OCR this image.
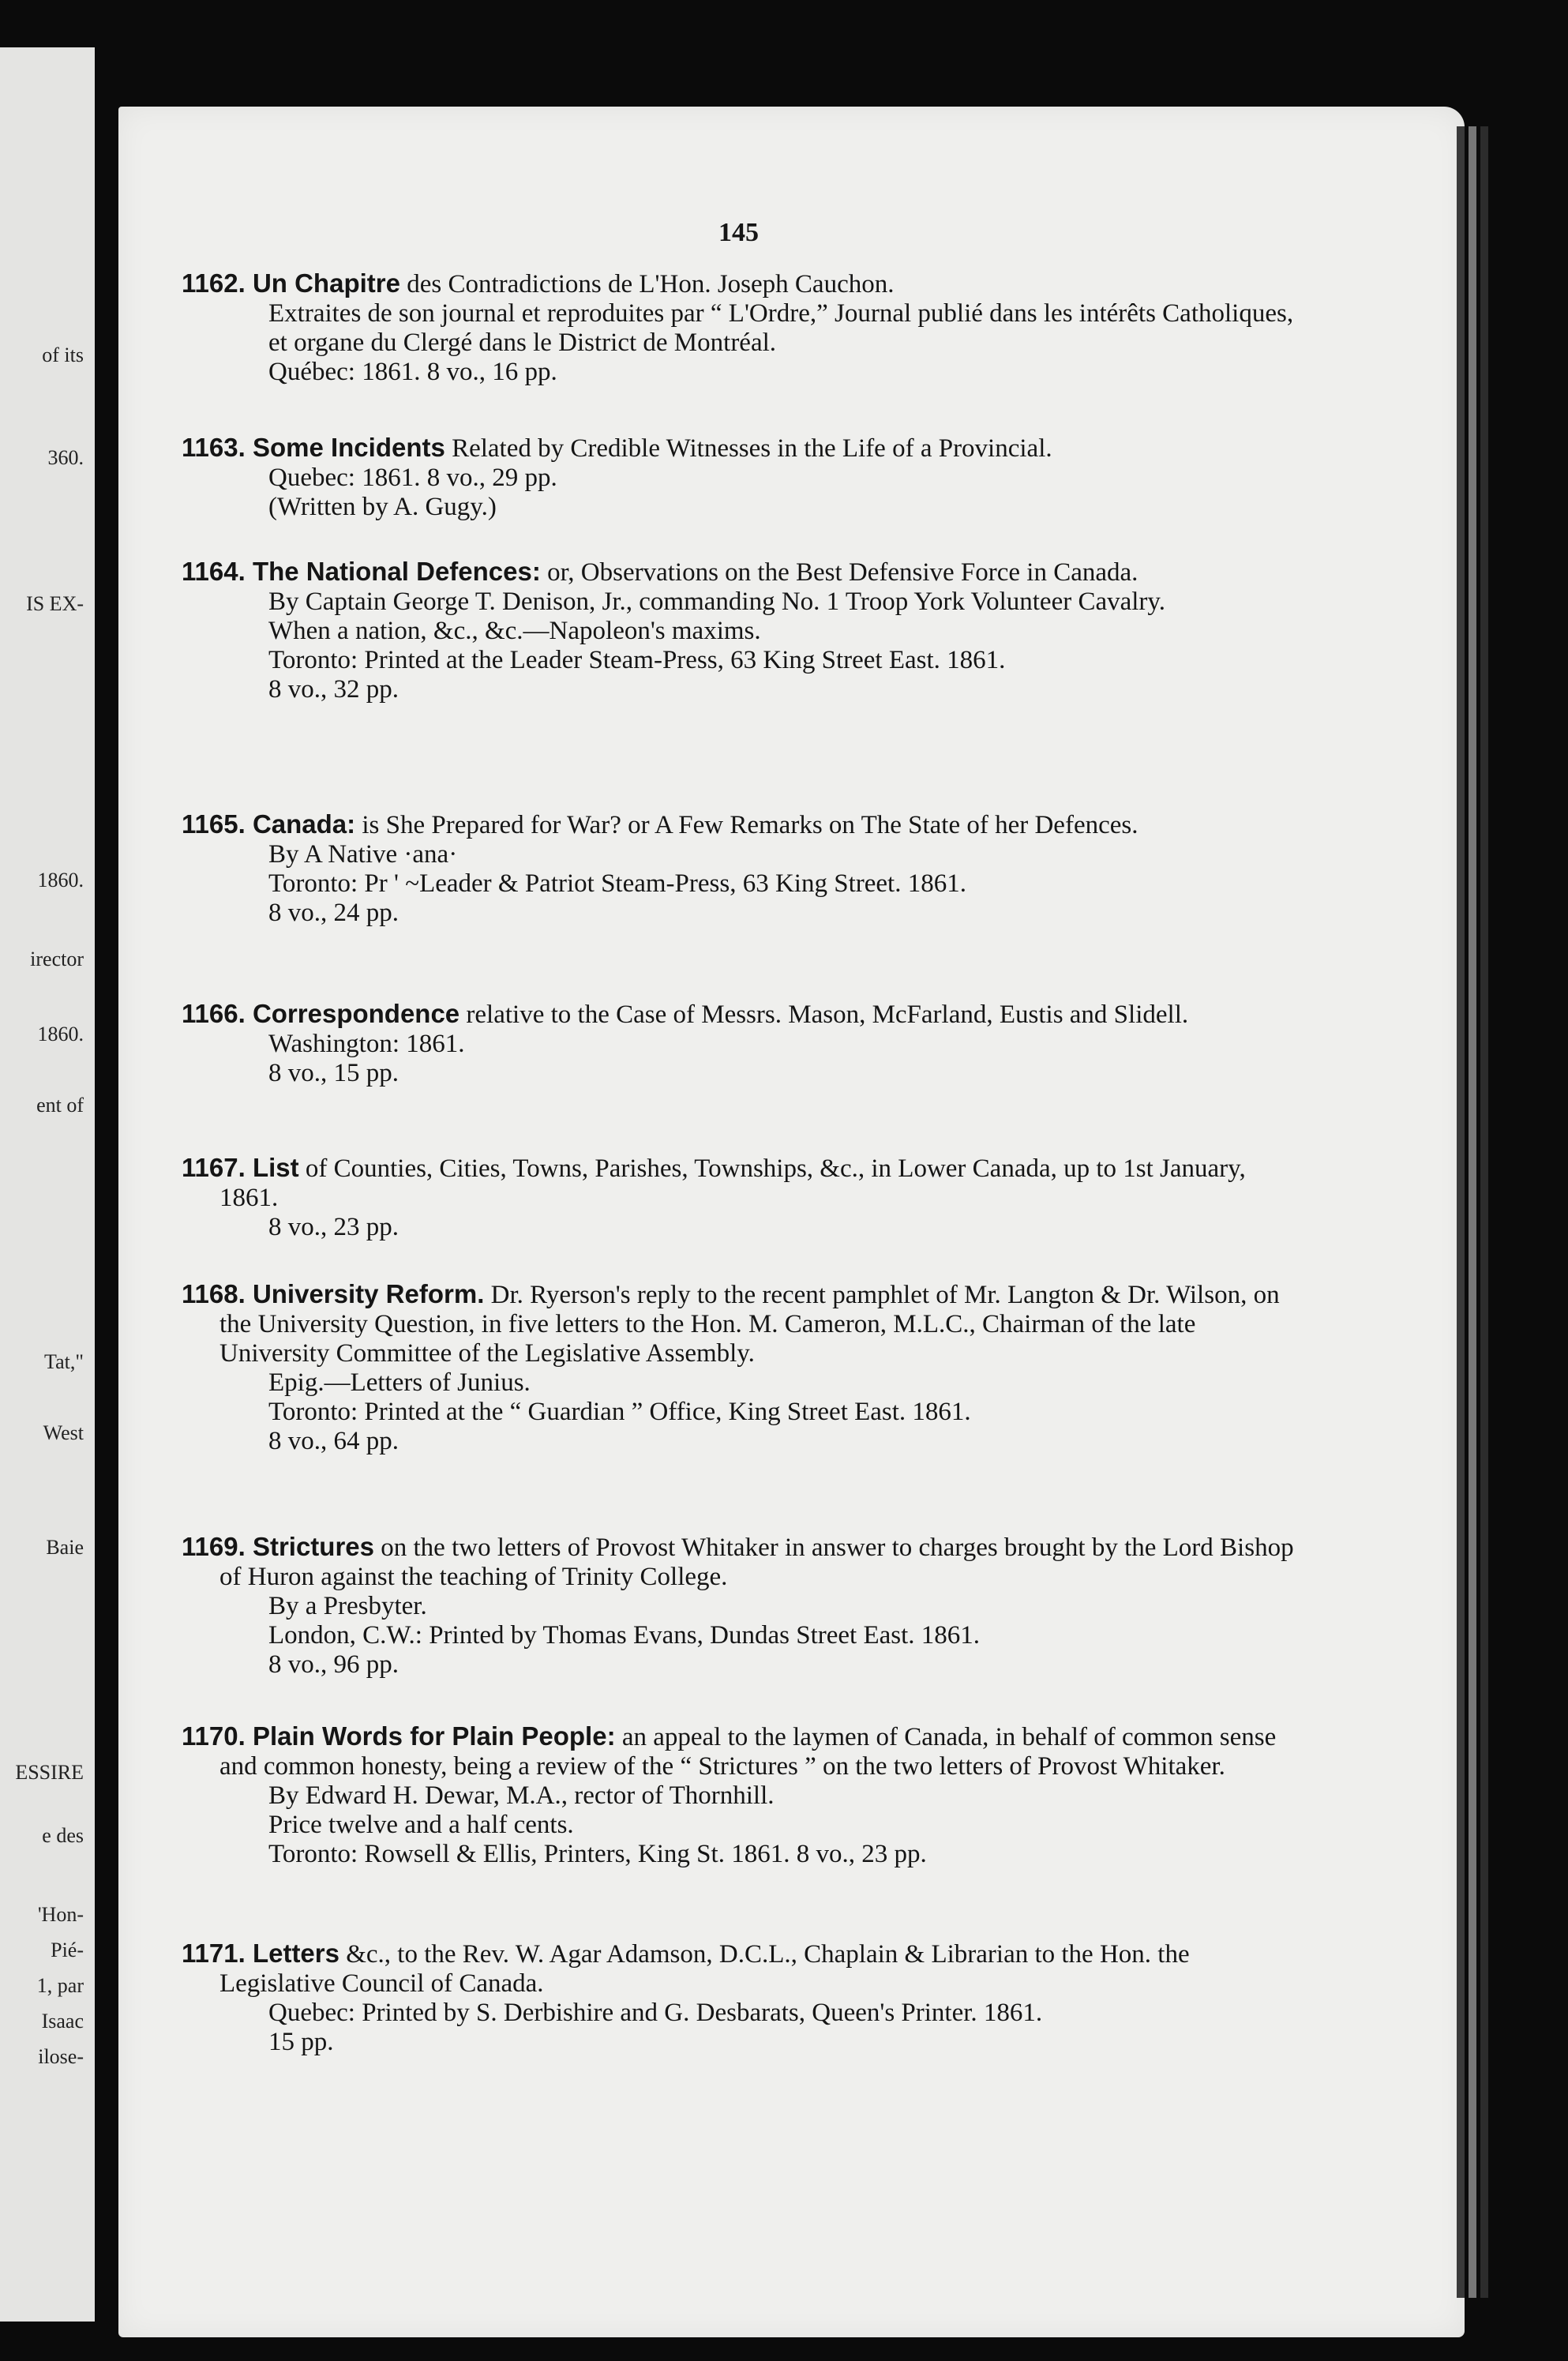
of its
360.
IS EX-
1860.
irector
1860.
ent of
Tat,"
West
Baie
ESSIRE
e des
'Hon-
Pié-
1, par
Isaac
ilose-
145

1162. Un Chapitre des Contradictions de L'Hon. Joseph Cauchon.

Extraites de son journal et reproduites par “ L'Ordre,” Journal publié dans les intérêts Catholiques, et organe du Clergé dans le District de Montréal.

Québec: 1861. 8 vo., 16 pp.

1163. Some Incidents Related by Credible Witnesses in the Life of a Provincial.

Quebec: 1861. 8 vo., 29 pp.

(Written by A. Gugy.)

1164. The National Defences: or, Observations on the Best Defensive Force in Canada.

By Captain George T. Denison, Jr., commanding No. 1 Troop York Volunteer Cavalry.

When a nation, &c., &c.—Napoleon's maxims.

Toronto: Printed at the Leader Steam-Press, 63 King Street East. 1861.

8 vo., 32 pp.

1165. Canada: is She Prepared for War? or A Few Remarks on The State of her Defences.

By A Native ·ana·

Toronto: Pr ' ~Leader & Patriot Steam-Press, 63 King Street. 1861.

8 vo., 24 pp.

1166. Correspondence relative to the Case of Messrs. Mason, McFarland, Eustis and Slidell.

Washington: 1861.

8 vo., 15 pp.

1167. List of Counties, Cities, Towns, Parishes, Townships, &c., in Lower Canada, up to 1st January, 1861.

8 vo., 23 pp.

1168. University Reform. Dr. Ryerson's reply to the recent pamphlet of Mr. Langton & Dr. Wilson, on the University Question, in five letters to the Hon. M. Cameron, M.L.C., Chairman of the late University Committee of the Legislative Assembly.

Epig.—Letters of Junius.

Toronto: Printed at the “ Guardian ” Office, King Street East. 1861.

8 vo., 64 pp.

1169. Strictures on the two letters of Provost Whitaker in answer to charges brought by the Lord Bishop of Huron against the teaching of Trinity College.

By a Presbyter.

London, C.W.: Printed by Thomas Evans, Dundas Street East. 1861.

8 vo., 96 pp.

1170. Plain Words for Plain People: an appeal to the laymen of Canada, in behalf of common sense and common honesty, being a review of the “ Strictures ” on the two letters of Provost Whitaker.

By Edward H. Dewar, M.A., rector of Thornhill.

Price twelve and a half cents.

Toronto: Rowsell & Ellis, Printers, King St. 1861. 8 vo., 23 pp.

1171. Letters &c., to the Rev. W. Agar Adamson, D.C.L., Chaplain & Librarian to the Hon. the Legislative Council of Canada.

Quebec: Printed by S. Derbishire and G. Desbarats, Queen's Printer. 1861.

15 pp.
